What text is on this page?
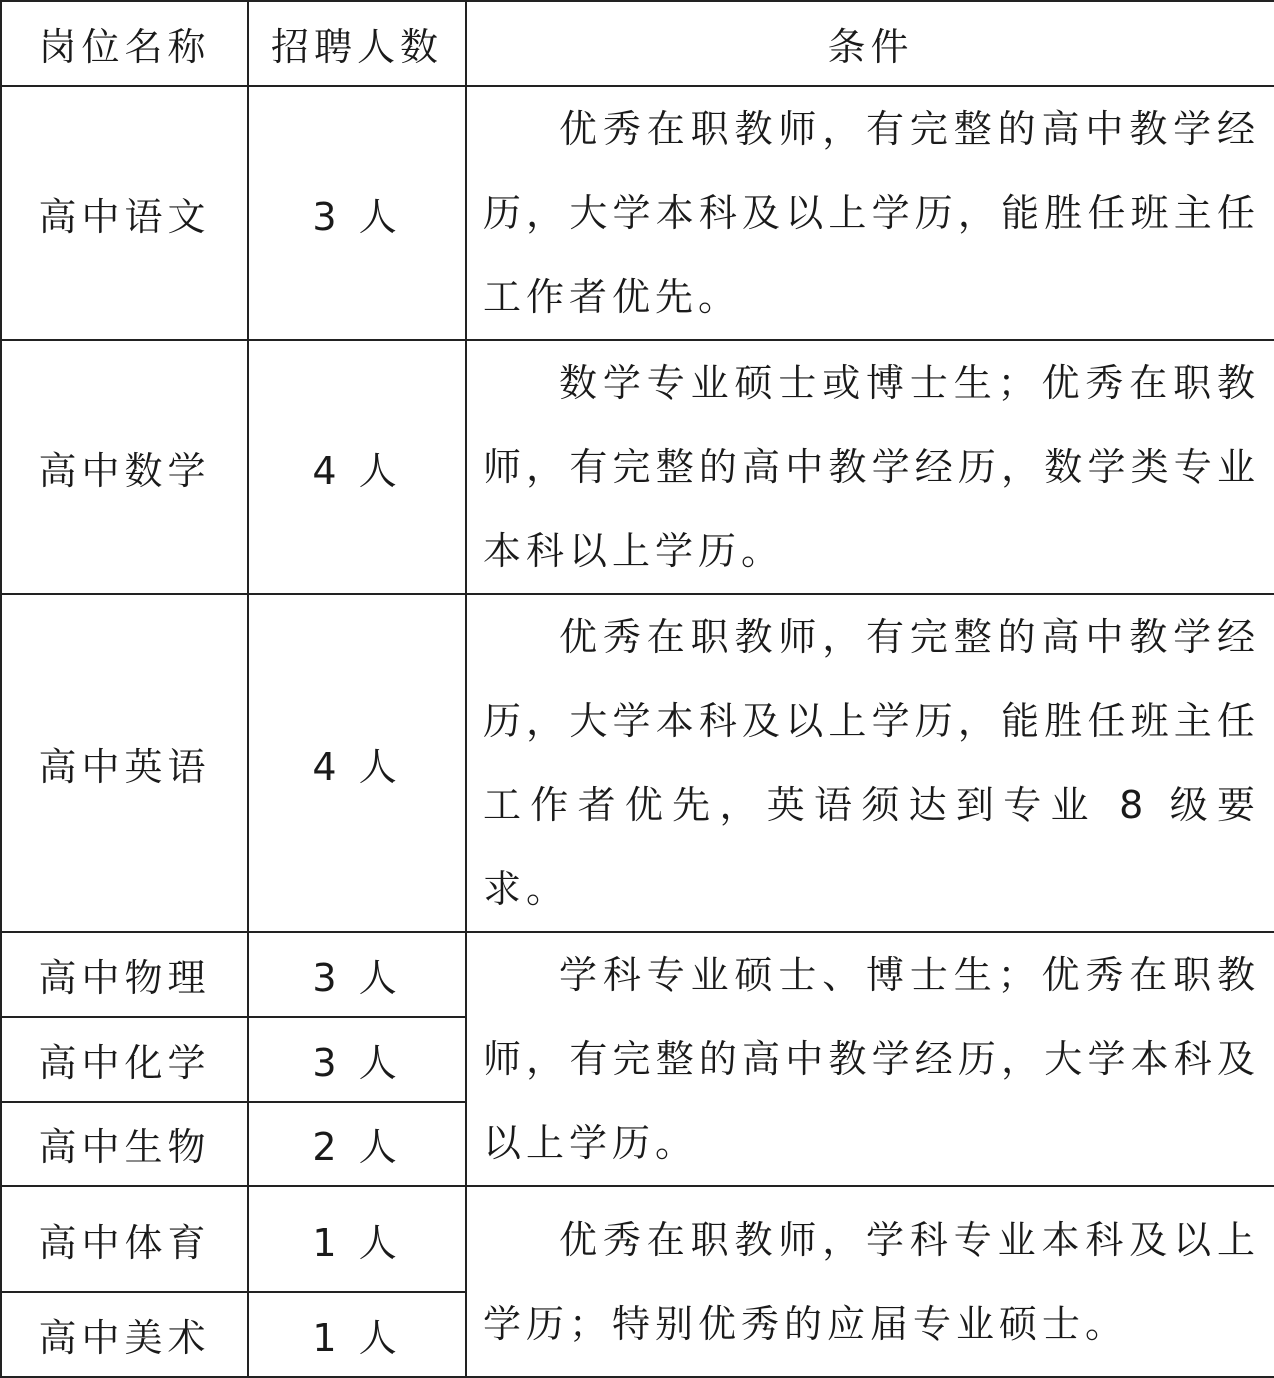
岗位名称	招聘人数	条件
高中语文	3 人	优秀在职教师，有完整的高中教学经历，大学本科及以上学历，能胜任班主任工作者优先。

高中数学	4 人	数学专业硕士或博士生；优秀在职教师，有完整的高中教学经历，数学类专业本科以上学历。

高中英语	4 人	优秀在职教师，有完整的高中教学经历，大学本科及以上学历，能胜任班主任工作者优先，英语须达到专业 8 级要求。

高中物理	3 人	学科专业硕士、博士生；优秀在职教师，有完整的高中教学经历，大学本科及以上学历。

高中化学	3 人	
高中生物	2 人	
高中体育	1 人	优秀在职教师，学科专业本科及以上学历；特别优秀的应届专业硕士。

高中美术	1 人	
